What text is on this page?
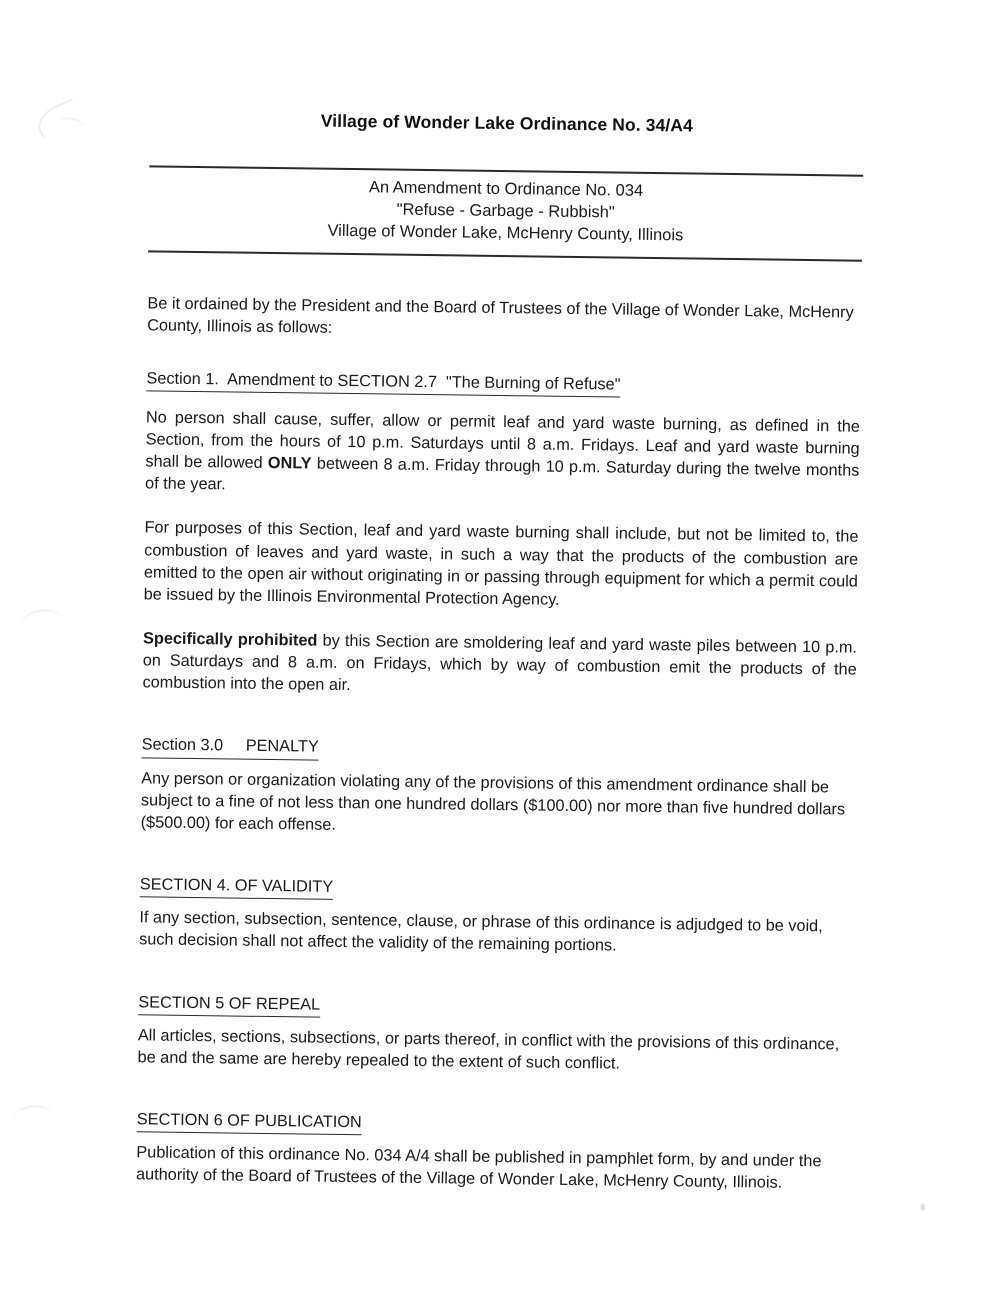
Village of Wonder Lake Ordinance No. 34/A4
An Amendment to Ordinance No. 034
"Refuse - Garbage - Rubbish"
Village of Wonder Lake, McHenry County, Illinois

Be it ordained by the President and the Board of Trustees of the Village of Wonder Lake, McHenry County, Illinois as follows:

Section 1.  Amendment to SECTION 2.7  "The Burning of Refuse"

No person shall cause, suffer, allow or permit leaf and yard waste burning, as defined in the Section, from the hours of 10 p.m. Saturdays until 8 a.m. Fridays. Leaf and yard waste burning shall be allowed ONLY between 8 a.m. Friday through 10 p.m. Saturday during the twelve months of the year.

For purposes of this Section, leaf and yard waste burning shall include, but not be limited to, the combustion of leaves and yard waste, in such a way that the products of the combustion are emitted to the open air without originating in or passing through equipment for which a permit could be issued by the Illinois Environmental Protection Agency.

Specifically prohibited by this Section are smoldering leaf and yard waste piles between 10 p.m. on Saturdays and 8 a.m. on Fridays, which by way of combustion emit the products of the combustion into the open air.

Section 3.0     PENALTY

Any person or organization violating any of the provisions of this amendment ordinance shall be subject to a fine of not less than one hundred dollars ($100.00) nor more than five hundred dollars ($500.00) for each offense.

SECTION 4. OF VALIDITY

If any section, subsection, sentence, clause, or phrase of this ordinance is adjudged to be void, such decision shall not affect the validity of the remaining portions.

SECTION 5 OF REPEAL

All articles, sections, subsections, or parts thereof, in conflict with the provisions of this ordinance, be and the same are hereby repealed to the extent of such conflict.

SECTION 6 OF PUBLICATION

Publication of this ordinance No. 034 A/4 shall be published in pamphlet form, by and under the authority of the Board of Trustees of the Village of Wonder Lake, McHenry County, Illinois.
